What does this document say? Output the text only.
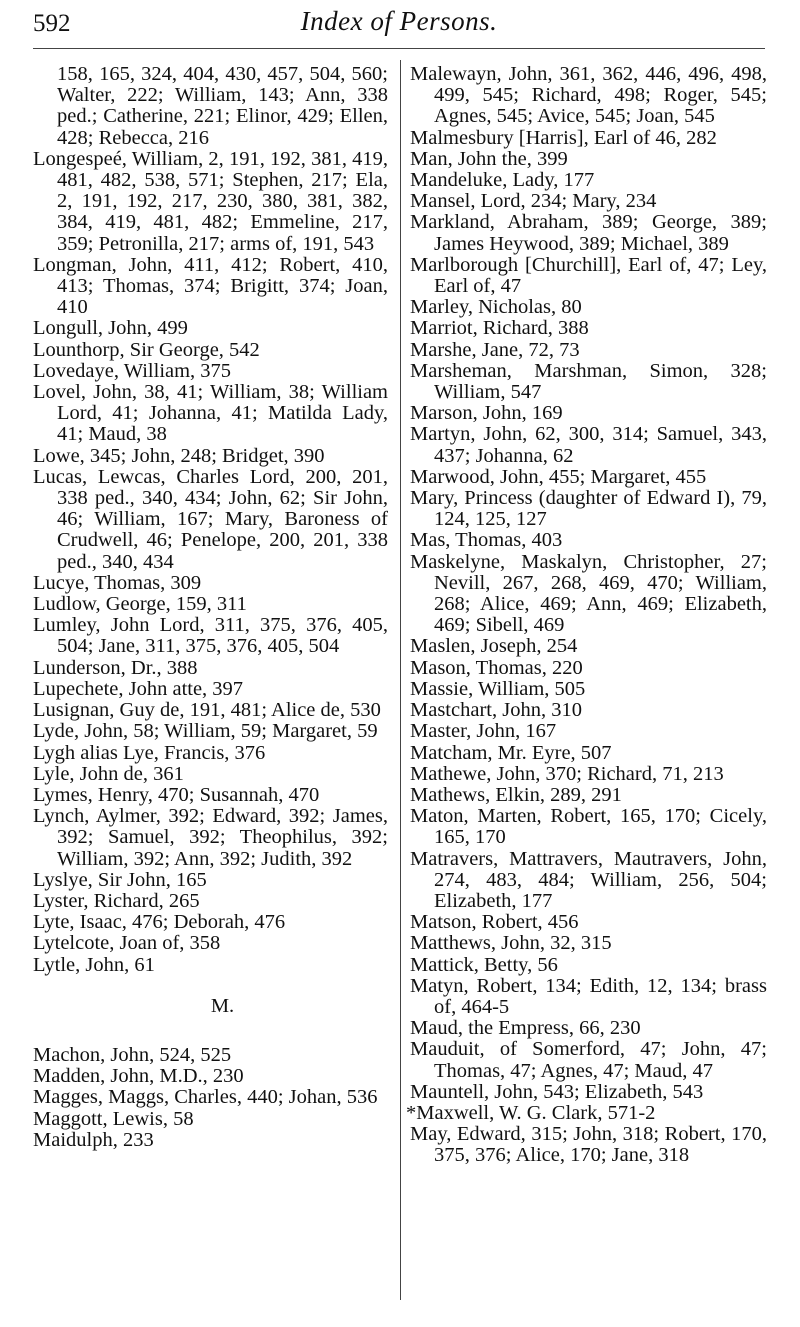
592	Index of Persons.
158, 165, 324, 404, 430, 457, 504, 560; Walter, 222; William, 143; Ann, 338 ped.; Catherine, 221; Elinor, 429; Ellen, 428; Rebecca, 216
Longespeé, William, 2, 191, 192, 381, 419, 481, 482, 538, 571; Stephen, 217; Ela, 2, 191, 192, 217, 230, 380, 381, 382, 384, 419, 481, 482; Emmeline, 217, 359; Petronilla, 217; arms of, 191, 543
Longman, John, 411, 412; Robert, 410, 413; Thomas, 374; Brigitt, 374; Joan, 410
Longull, John, 499
Lounthorp, Sir George, 542
Lovedaye, William, 375
Lovel, John, 38, 41; William, 38; William Lord, 41; Johanna, 41; Matilda Lady, 41; Maud, 38
Lowe, 345; John, 248; Bridget, 390
Lucas, Lewcas, Charles Lord, 200, 201, 338 ped., 340, 434; John, 62; Sir John, 46; William, 167; Mary, Baroness of Crudwell, 46; Penelope, 200, 201, 338 ped., 340, 434
Lucye, Thomas, 309
Ludlow, George, 159, 311
Lumley, John Lord, 311, 375, 376, 405, 504; Jane, 311, 375, 376, 405, 504
Lunderson, Dr., 388
Lupechete, John atte, 397
Lusignan, Guy de, 191, 481; Alice de, 530
Lyde, John, 58; William, 59; Margaret, 59
Lygh alias Lye, Francis, 376
Lyle, John de, 361
Lymes, Henry, 470; Susannah, 470
Lynch, Aylmer, 392; Edward, 392; James, 392; Samuel, 392; Theophilus, 392; William, 392; Ann, 392; Judith, 392
Lyslye, Sir John, 165
Lyster, Richard, 265
Lyte, Isaac, 476; Deborah, 476
Lytelcote, Joan of, 358
Lytle, John, 61
M.
Machon, John, 524, 525
Madden, John, M.D., 230
Magges, Maggs, Charles, 440; Johan, 536
Maggott, Lewis, 58
Maidulph, 233
Malewayn, John, 361, 362, 446, 496, 498, 499, 545; Richard, 498; Roger, 545; Agnes, 545; Avice, 545; Joan, 545
Malmesbury [Harris], Earl of 46, 282
Man, John the, 399
Mandeluke, Lady, 177
Mansel, Lord, 234; Mary, 234
Markland, Abraham, 389; George, 389; James Heywood, 389; Michael, 389
Marlborough [Churchill], Earl of, 47; Ley, Earl of, 47
Marley, Nicholas, 80
Marriot, Richard, 388
Marshe, Jane, 72, 73
Marsheman, Marshman, Simon, 328; William, 547
Marson, John, 169
Martyn, John, 62, 300, 314; Samuel, 343, 437; Johanna, 62
Marwood, John, 455; Margaret, 455
Mary, Princess (daughter of Edward I), 79, 124, 125, 127
Mas, Thomas, 403
Maskelyne, Maskalyn, Christopher, 27; Nevill, 267, 268, 469, 470; William, 268; Alice, 469; Ann, 469; Elizabeth, 469; Sibell, 469
Maslen, Joseph, 254
Mason, Thomas, 220
Massie, William, 505
Mastchart, John, 310
Master, John, 167
Matcham, Mr. Eyre, 507
Mathewe, John, 370; Richard, 71, 213
Mathews, Elkin, 289, 291
Maton, Marten, Robert, 165, 170; Cicely, 165, 170
Matravers, Mattravers, Mautravers, John, 274, 483, 484; William, 256, 504; Elizabeth, 177
Matson, Robert, 456
Matthews, John, 32, 315
Mattick, Betty, 56
Matyn, Robert, 134; Edith, 12, 134; brass of, 464-5
Maud, the Empress, 66, 230
Mauduit, of Somerford, 47; John, 47; Thomas, 47; Agnes, 47; Maud, 47
Mauntell, John, 543; Elizabeth, 543
*Maxwell, W. G. Clark, 571-2
May, Edward, 315; John, 318; Robert, 170, 375, 376; Alice, 170; Jane, 318
